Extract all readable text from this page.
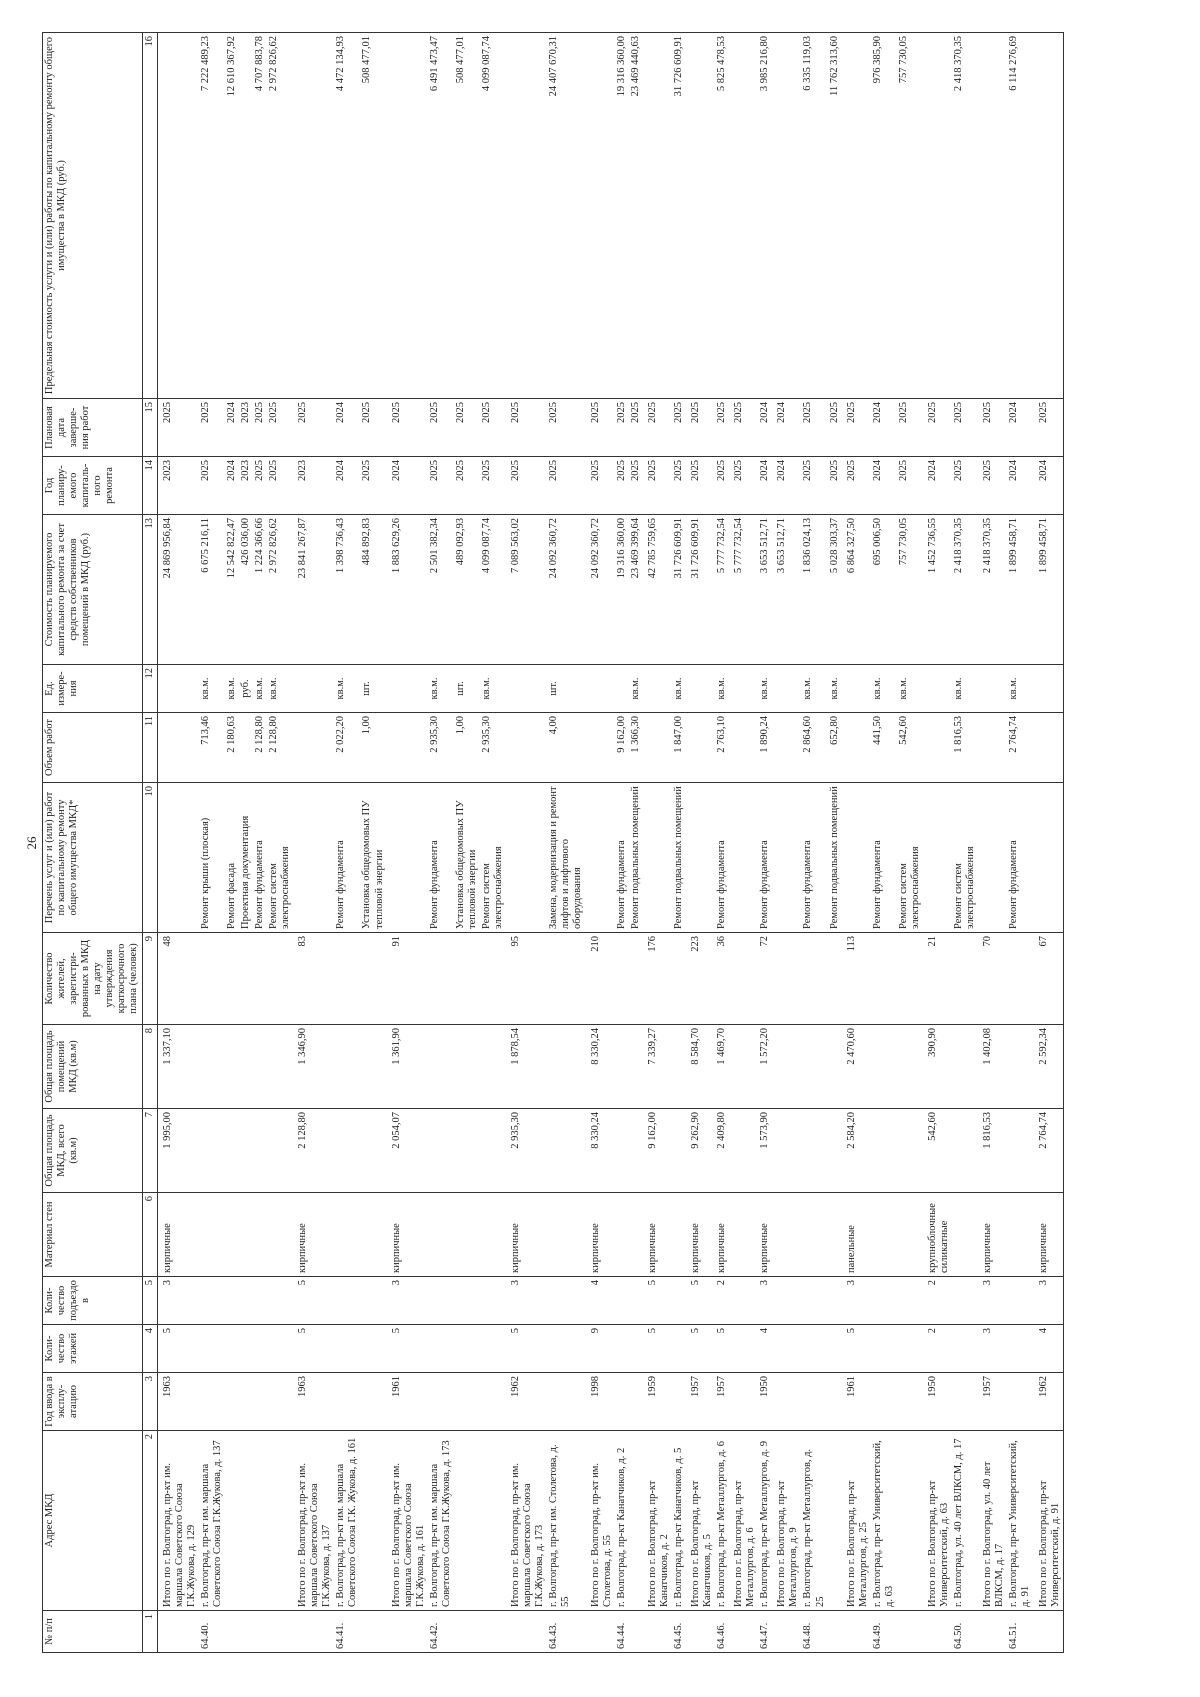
26
№ п/п	Адрес МКД	Год ввода в эксплу- атацию	Коли- чество этажей	Коли- чество подъездо в	Материал стен	Общая площадь МКД, всего (кв.м)	Общая площадь помещений МКД (кв.м)	Количество жителей, зарегистри- рованных в МКД на дату утверждения краткосрочного плана (человек)	Перечень услуг и (или) работ по капитальному ремонту общего имущества МКД*	Объем работ	Ед. измере- ния	Стоимость планируемого капитального ремонта за счет средств собственников помещений в МКД (руб.)	Год планиру- емого капиталь- ного ремонта	Плановая дата заверше- ния работ	Предельная стоимость услуги и (или) работы по капитальному ремонту общего имущества в МКД (руб.)
1	2	3	4	5	6	7	8	9	10	11	12	13	14	15	16
	Итого по г. Волгоград, пр-кт им. маршала Советского Союза Г.К.Жукова, д. 129	1963	5	3	кирпичные	1 995,00	1 337,10	48				24 869 956,84	2023	2025	
64.40.	г. Волгоград, пр-кт им. маршала Советского Союза Г.К.Жукова, д. 137								Ремонт крыши (плоская)	713,46	кв.м.	6 675 216,11	2025	2025	7 222 489,23
									Ремонт фасада	2 180,63	кв.м.	12 542 822,47	2024	2024	12 610 367,92
									Проектная документация		руб.	426 036,00	2023	2023	
									Ремонт фундамента	2 128,80	кв.м.	1 224 366,66	2025	2025	4 707 883,78
									Ремонт систем электроснабжения	2 128,80	кв.м.	2 972 826,62	2025	2025	2 972 826,62
	Итого по г. Волгоград, пр-кт им. маршала Советского Союза Г.К.Жукова, д. 137	1963	5	5	кирпичные	2 128,80	1 346,90	83				23 841 267,87	2023	2025	
64.41.	г. Волгоград, пр-кт им. маршала Советского Союза Г.К. Жукова, д. 161								Ремонт фундамента	2 022,20	кв.м.	1 398 736,43	2024	2024	4 472 134,93
									Установка общедомовых ПУ тепловой энергии	1,00	шт.	484 892,83	2025	2025	508 477,01
	Итого по г. Волгоград, пр-кт им. маршала Советского Союза Г.К.Жукова, д. 161	1961	5	3	кирпичные	2 054,07	1 361,90	91				1 883 629,26	2024	2025	
64.42.	г. Волгоград, пр-кт им. маршала Советского Союза Г.К.Жукова, д. 173								Ремонт фундамента	2 935,30	кв.м.	2 501 382,34	2025	2025	6 491 473,47
									Установка общедомовых ПУ тепловой энергии	1,00	шт.	489 092,93	2025	2025	508 477,01
									Ремонт систем электроснабжения	2 935,30	кв.м.	4 099 087,74	2025	2025	4 099 087,74
	Итого по г. Волгоград, пр-кт им. маршала Советского Союза Г.К.Жукова, д. 173	1962	5	3	кирпичные	2 935,30	1 878,54	95				7 089 563,02	2025	2025	
64.43.	г. Волгоград, пр-кт им. Столетова, д. 55								Замена, модернизация и ремонт лифтов и лифтового оборудования	4,00	шт.	24 092 360,72	2025	2025	24 407 670,31
	Итого по г. Волгоград, пр-кт им. Столетова, д. 55	1998	9	4	кирпичные	8 330,24	8 330,24	210				24 092 360,72	2025	2025	
64.44.	г. Волгоград, пр-кт Канатчиков, д. 2								Ремонт фундамента	9 162,00		19 316 360,00	2025	2025	19 316 360,00
									Ремонт подвальных помещений	1 366,30	кв.м.	23 469 399,64	2025	2025	23 469 440,63
	Итого по г. Волгоград, пр-кт Канатчиков, д. 2	1959	5	5	кирпичные	9 162,00	7 339,27	176				42 785 759,65	2025	2025	
64.45.	г. Волгоград, пр-кт Канатчиков, д. 5								Ремонт подвальных помещений	1 847,00	кв.м.	31 726 609,91	2025	2025	31 726 609,91
	Итого по г. Волгоград, пр-кт Канатчиков, д. 5	1957	5	5	кирпичные	9 262,90	8 584,70	223				31 726 609,91	2025	2025	
64.46.	г. Волгоград, пр-кт Металлургов, д. 6	1957	5	2	кирпичные	2 409,80	1 469,70	36	Ремонт фундамента	2 763,10	кв.м.	5 777 732,54	2025	2025	5 825 478,53
	Итого по г. Волгоград, пр-кт Металлургов, д. 6											5 777 732,54	2025	2025	
64.47.	г. Волгоград, пр-кт Металлургов, д. 9	1950	4	3	кирпичные	1 573,90	1 572,20	72	Ремонт фундамента	1 890,24	кв.м.	3 653 512,71	2024	2024	3 985 216,80
	Итого по г. Волгоград, пр-кт Металлургов, д. 9											3 653 512,71	2024	2024	
64.48.	г. Волгоград, пр-кт Металлургов, д. 25								Ремонт фундамента	2 864,60	кв.м.	1 836 024,13	2025	2025	6 335 119,03
									Ремонт подвальных помещений	652,80	кв.м.	5 028 303,37	2025	2025	11 762 313,60
	Итого по г. Волгоград, пр-кт Металлургов, д. 25	1961	5	3	панельные	2 584,20	2 470,60	113				6 864 327,50	2025	2025	
64.49.	г. Волгоград, пр-кт Университетский, д. 63								Ремонт фундамента	441,50	кв.м.	695 006,50	2024	2024	976 385,90
									Ремонт систем электроснабжения	542,60	кв.м.	757 730,05	2025	2025	757 730,05
	Итого по г. Волгоград, пр-кт Университетский, д. 63	1950	2	2	крупноблочные силикатные	542,60	390,90	21				1 452 736,55	2024	2025	
64.50.	г. Волгоград, ул. 40 лет ВЛКСМ, д. 17								Ремонт систем электроснабжения	1 816,53	кв.м.	2 418 370,35	2025	2025	2 418 370,35
	Итого по г. Волгоград, ул. 40 лет ВЛКСМ, д. 17	1957	3	3	кирпичные	1 816,53	1 402,08	70				2 418 370,35	2025	2025	
64.51.	г. Волгоград, пр-кт Университетский, д. 91								Ремонт фундамента	2 764,74	кв.м.	1 899 458,71	2024	2024	6 114 276,69
	Итого по г. Волгоград, пр-кт Университетский, д. 91	1962	4	3	кирпичные	2 764,74	2 592,34	67				1 899 458,71	2024	2025	
